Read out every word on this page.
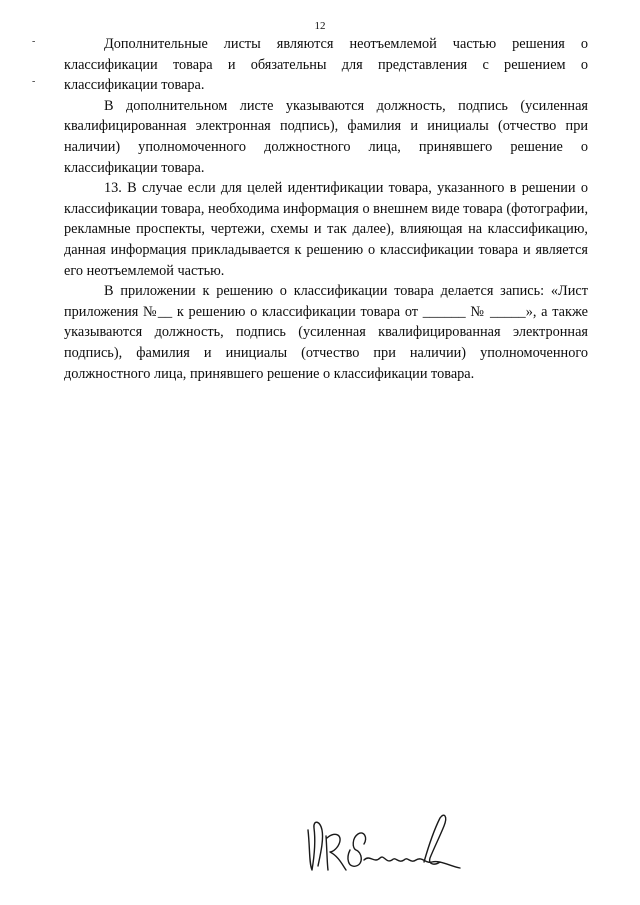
12
-
-

Дополнительные листы являются неотъемлемой частью решения о классификации товара и обязательны для представления с решением о классификации товара.

В дополнительном листе указываются должность, подпись (усиленная квалифицированная электронная подпись), фамилия и инициалы (отчество при наличии) уполномоченного должностного лица, принявшего решение о классификации товара.

13. В случае если для целей идентификации товара, указанного в решении о классификации товара, необходима информация о внешнем виде товара (фотографии, рекламные проспекты, чертежи, схемы и так далее), влияющая на классификацию, данная информация прикладывается к решению о классификации товара и является его неотъемлемой частью.

В приложении к решению о классификации товара делается запись: «Лист приложения №__ к решению о классификации товара от ______ № _____», а также указываются должность, подпись (усиленная квалифицированная электронная подпись), фамилия и инициалы (отчество при наличии) уполномоченного должностного лица, принявшего решение о классификации товара.
